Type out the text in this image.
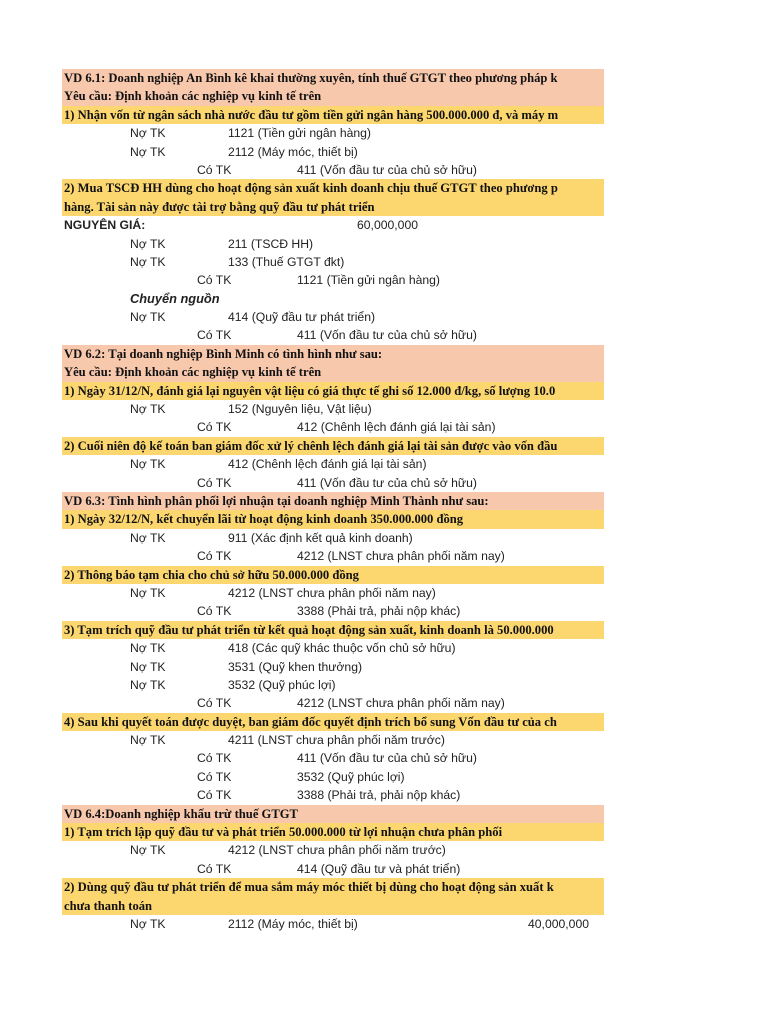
VD 6.1: Doanh nghiệp An Bình kê khai thường xuyên, tính thuế GTGT theo phương pháp k
Yêu cầu: Định khoản các nghiệp vụ kinh tế trên
1) Nhận vốn từ ngân sách nhà nước đầu tư gồm tiền gửi ngân hàng 500.000.000 đ, và máy m
Nợ TK	1121 (Tiền gửi ngân hàng)
Nợ TK	2112 (Máy móc, thiết bị)
Có TK	411 (Vốn đầu tư của chủ sở hữu)
2) Mua TSCĐ HH dùng cho hoạt động sản xuất kinh doanh chịu thuế GTGT theo phương p
hàng. Tài sản này được tài trợ bằng quỹ đầu tư phát triển
NGUYÊN GIÁ:	60,000,000
Nợ TK	211 (TSCĐ HH)
Nợ TK	133 (Thuế GTGT đkt)
Có TK	1121 (Tiền gửi ngân hàng)
Chuyển nguồn
Nợ TK	414 (Quỹ đầu tư phát triển)
Có TK	411 (Vốn đầu tư của chủ sở hữu)
VD 6.2: Tại doanh nghiệp Bình Minh có tình hình như sau:
Yêu cầu: Định khoản các nghiệp vụ kinh tế trên
1) Ngày 31/12/N, đánh giá lại nguyên vật liệu có giá thực tế ghi số 12.000 đ/kg, số lượng 10.0
Nợ TK	152 (Nguyên liệu, Vật liệu)
Có TK	412 (Chênh lệch đánh giá lại tài sản)
2) Cuối niên độ kế toán ban giám đốc xử lý chênh lệch đánh giá lại tài sản được vào vốn đầu
Nợ TK	412 (Chênh lệch đánh giá lại tài sản)
Có TK	411 (Vốn đầu tư của chủ sở hữu)
VD 6.3: Tình hình phân phối lợi nhuận tại doanh nghiệp Minh Thành như sau:
1) Ngày 32/12/N, kết chuyển lãi từ hoạt động kinh doanh 350.000.000 đồng
Nợ TK	911 (Xác định kết quả kinh doanh)
Có TK	4212 (LNST chưa phân phối năm nay)
2) Thông báo tạm chia cho chủ sở hữu 50.000.000 đồng
Nợ TK	4212 (LNST chưa phân phối năm nay)
Có TK	3388 (Phải trả, phải nộp khác)
3) Tạm trích quỹ đầu tư phát triển từ kết quả hoạt động sản xuất, kinh doanh là 50.000.000
Nợ TK	418 (Các quỹ khác thuộc vốn chủ sở hữu)
Nợ TK	3531 (Quỹ khen thưởng)
Nợ TK	3532 (Quỹ phúc lợi)
Có TK	4212 (LNST chưa phân phối năm nay)
4) Sau khi quyết toán được duyệt, ban giám đốc quyết định trích bổ sung Vốn đầu tư của ch
Nợ TK	4211 (LNST chưa phân phối năm trước)
Có TK	411 (Vốn đầu tư của chủ sở hữu)
Có TK	3532 (Quỹ phúc lợi)
Có TK	3388 (Phải trả, phải nộp khác)
VD 6.4:Doanh nghiệp khấu trừ thuế GTGT
1) Tạm trích lập quỹ đầu tư và phát triển 50.000.000 từ lợi nhuận chưa phân phối
Nợ TK	4212 (LNST chưa phân phối năm trước)
Có TK	414 (Quỹ đầu tư và phát triển)
2) Dùng quỹ đầu tư phát triển để mua sắm máy móc thiết bị dùng cho hoạt động sản xuất k
chưa thanh toán
Nợ TK	2112 (Máy móc, thiết bị)	40,000,000
